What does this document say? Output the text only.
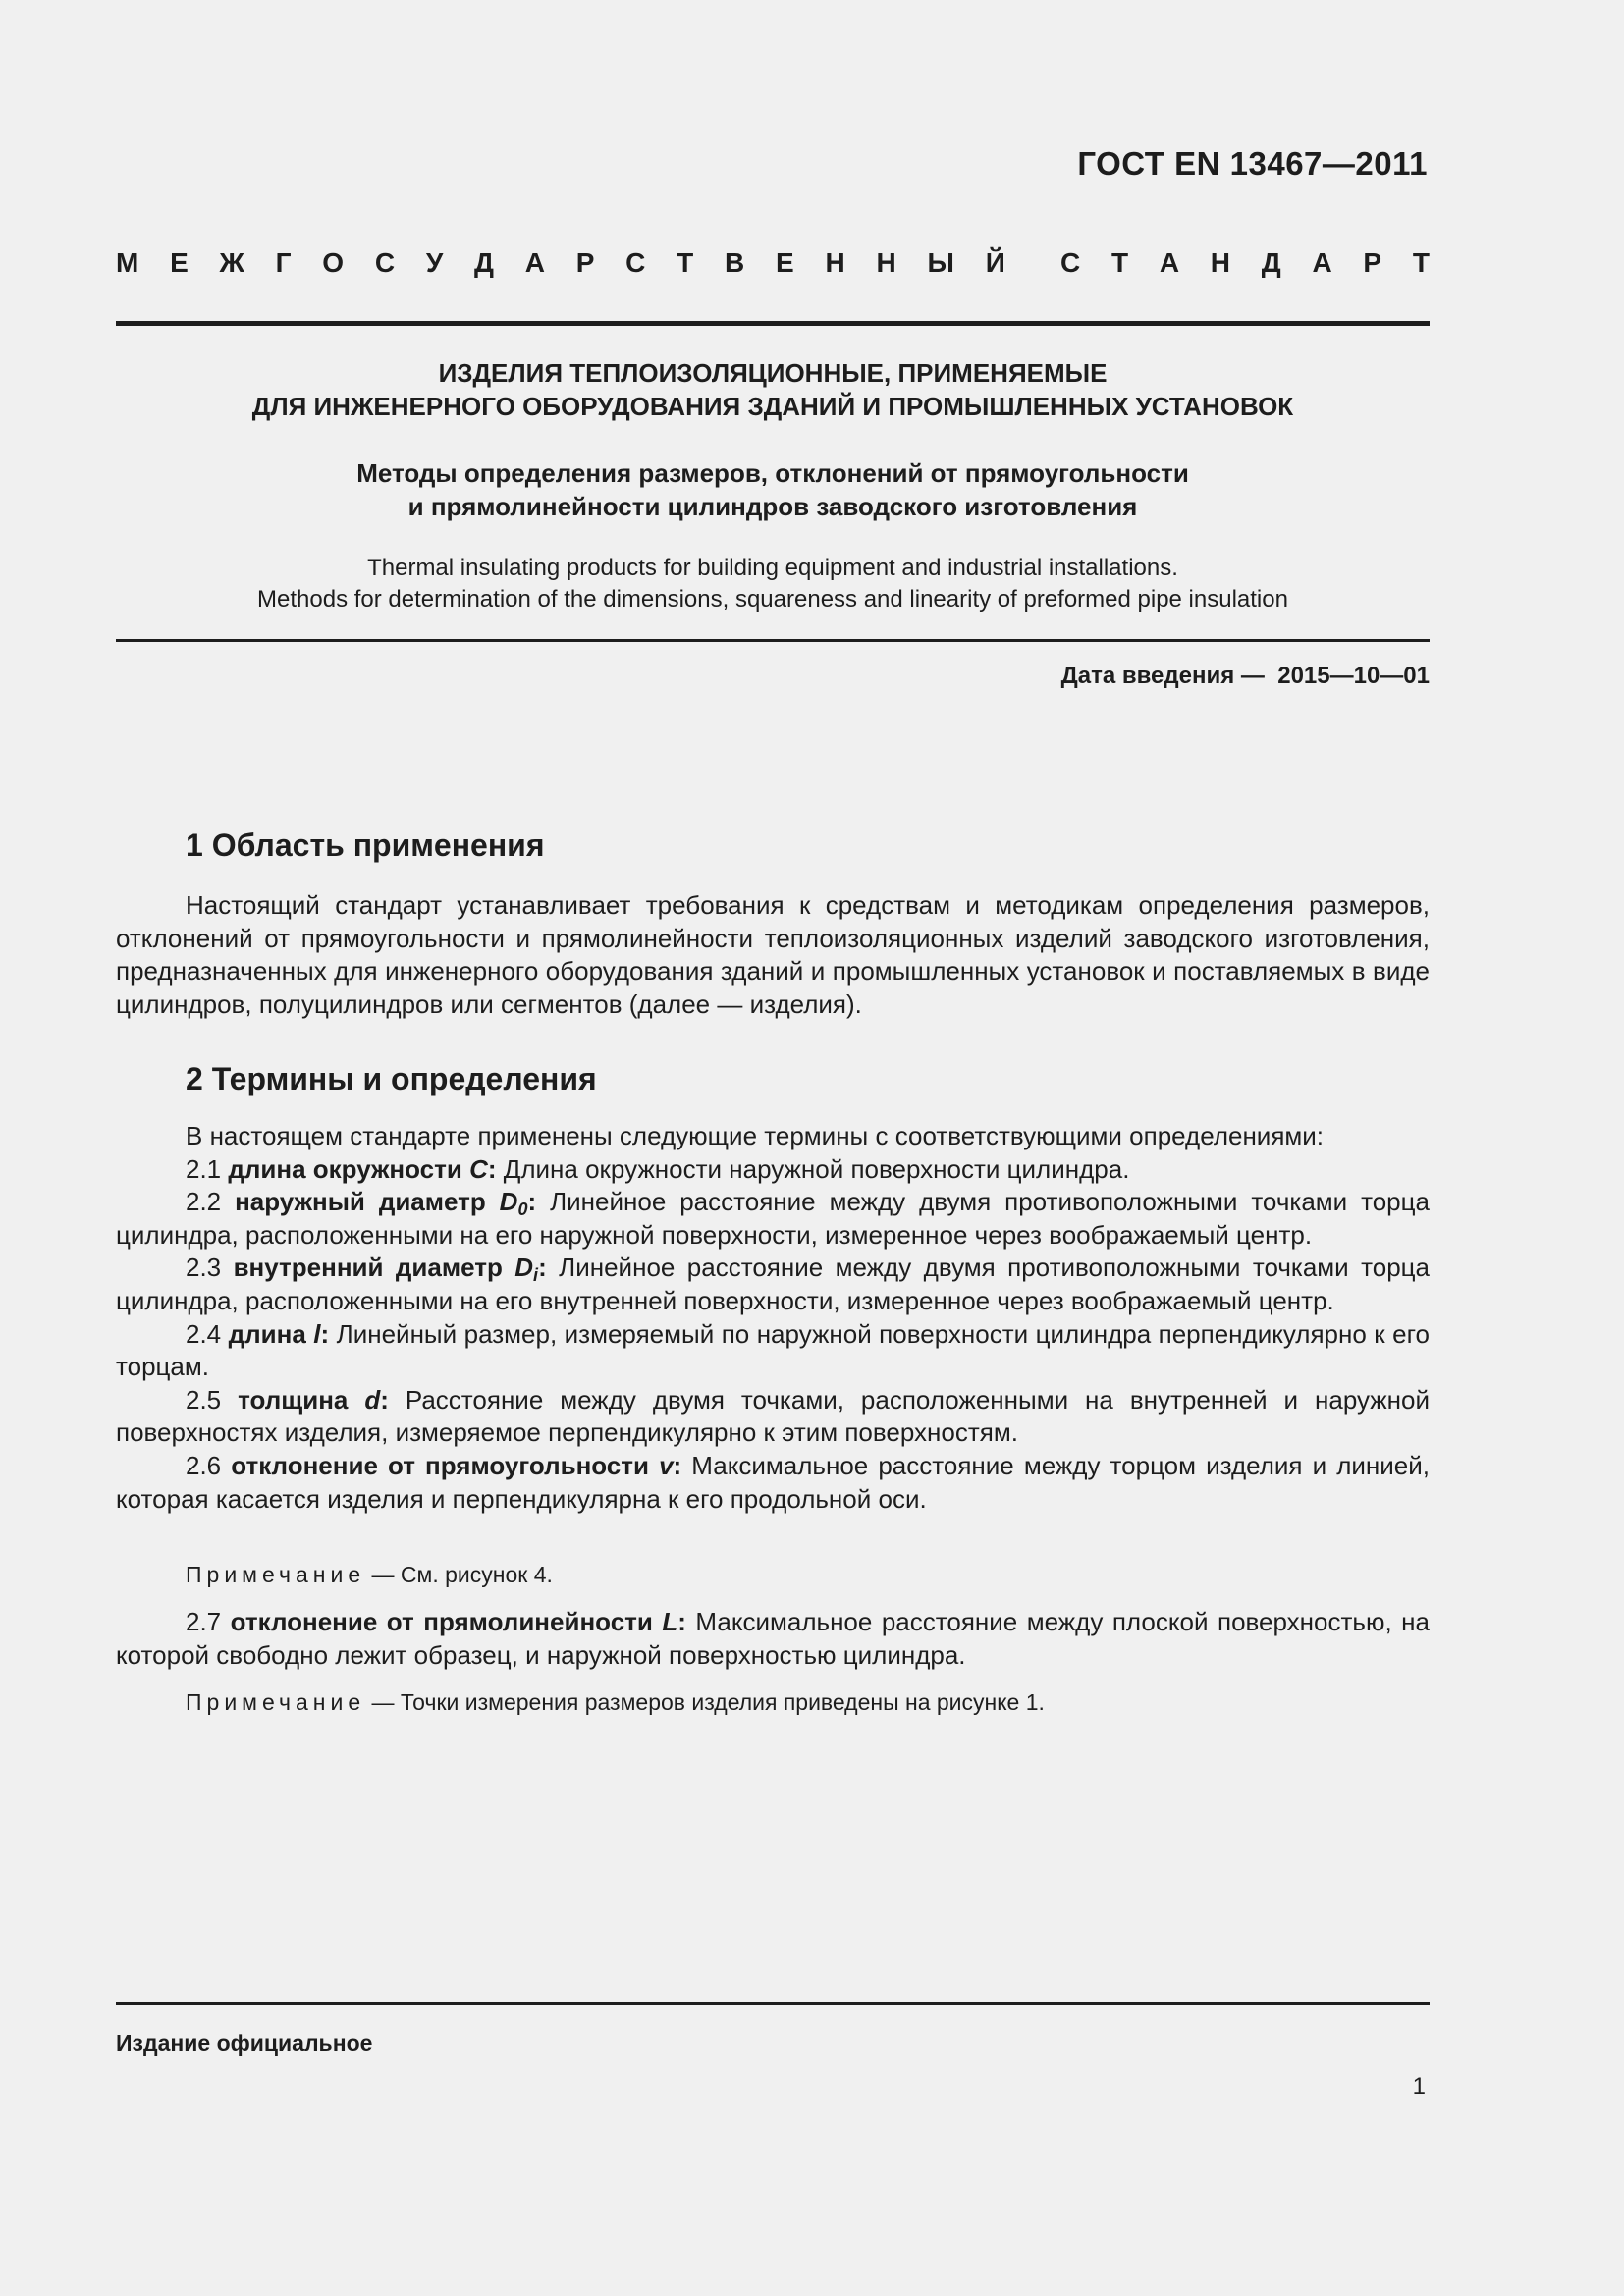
ГОСТ EN 13467—2011
М Е Ж Г О С У Д А Р С Т В Е Н Н Ы Й С Т А Н Д А Р Т
ИЗДЕЛИЯ ТЕПЛОИЗОЛЯЦИОННЫЕ, ПРИМЕНЯЕМЫЕ
ДЛЯ ИНЖЕНЕРНОГО ОБОРУДОВАНИЯ ЗДАНИЙ И ПРОМЫШЛЕННЫХ УСТАНОВОК
Методы определения размеров, отклонений от прямоугольности
и прямолинейности цилиндров заводского изготовления
Thermal insulating products for building equipment and industrial installations.
Methods for determination of the dimensions, squareness and linearity of preformed pipe insulation
Дата введения —  2015—10—01
1 Область применения

Настоящий стандарт устанавливает требования к средствам и методикам определения размеров, отклонений от прямоугольности и прямолинейности теплоизоляционных изделий заводского изготовления, предназначенных для инженерного оборудования зданий и промышленных установок и поставляемых в виде цилиндров, полуцилиндров или сегментов (далее — изделия).

2 Термины и определения

В настоящем стандарте применены следующие термины с соответствующими определениями:

2.1 длина окружности C: Длина окружности наружной поверхности цилиндра.

2.2 наружный диаметр $D_0$: Линейное расстояние между двумя противоположными точками торца цилиндра, расположенными на его наружной поверхности, измеренное через воображаемый центр.

2.3 внутренний диаметр $D_i$: Линейное расстояние между двумя противоположными точками торца цилиндра, расположенными на его внутренней поверхности, измеренное через воображаемый центр.

2.4 длина l: Линейный размер, измеряемый по наружной поверхности цилиндра перпендикулярно к его торцам.

2.5 толщина d: Расстояние между двумя точками, расположенными на внутренней и наружной поверхностях изделия, измеряемое перпендикулярно к этим поверхностям.

2.6 отклонение от прямоугольности v: Максимальное расстояние между торцом изделия и линией, которая касается изделия и перпендикулярна к его продольной оси.

Примечание — См. рисунок 4.

2.7 отклонение от прямолинейности L: Максимальное расстояние между плоской поверхностью, на которой свободно лежит образец, и наружной поверхностью цилиндра.

Примечание — Точки измерения размеров изделия приведены на рисунке 1.
Издание официальное
1
